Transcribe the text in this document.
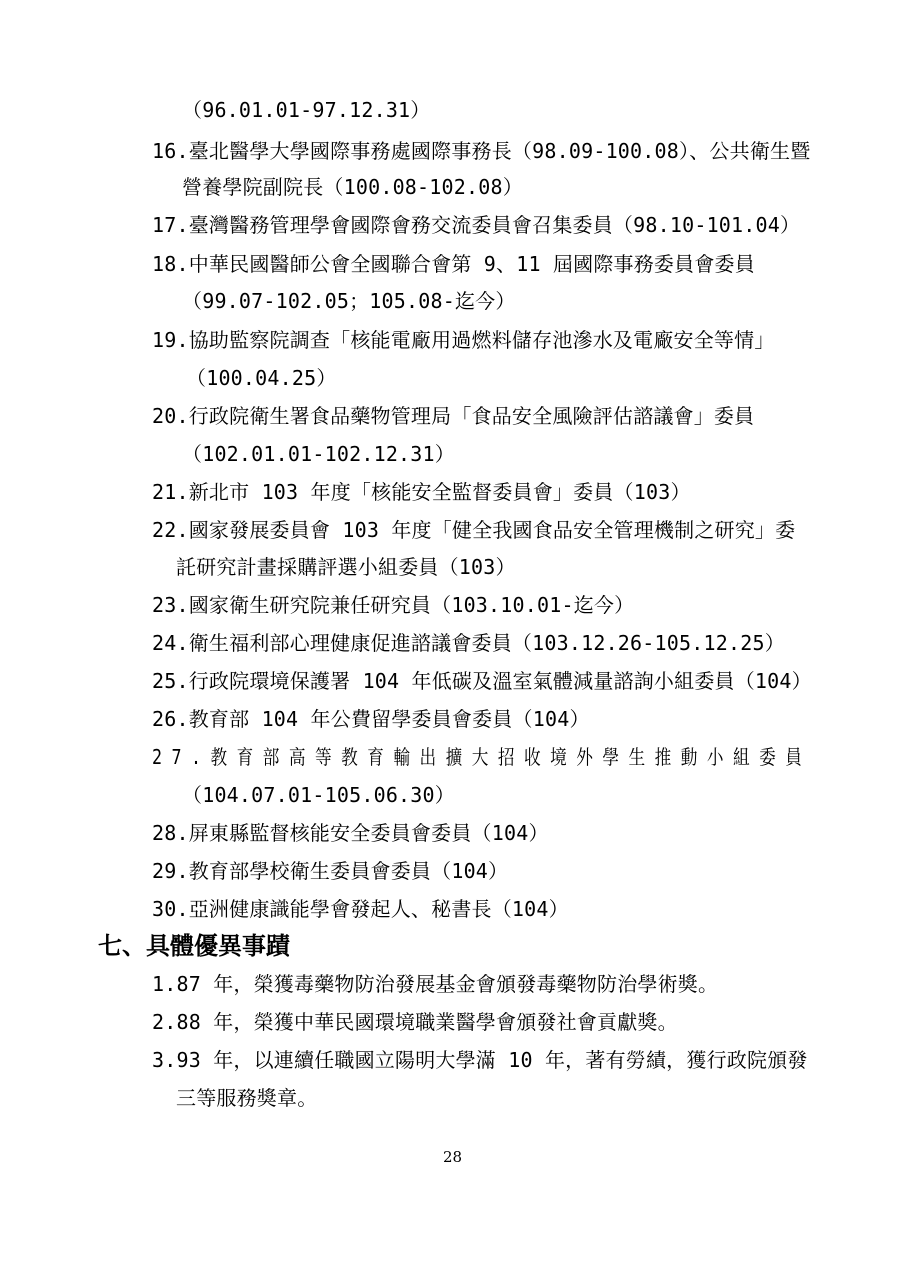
（96.01.01-97.12.31）
16.臺北醫學大學國際事務處國際事務長（98.09-100.08）、公共衛生暨
營養學院副院長（100.08-102.08）
17.臺灣醫務管理學會國際會務交流委員會召集委員（98.10-101.04）
18.中華民國醫師公會全國聯合會第 9、11 屆國際事務委員會委員
（99.07-102.05；105.08-迄今）
19.協助監察院調查「核能電廠用過燃料儲存池滲水及電廠安全等情」
（100.04.25）
20.行政院衛生署食品藥物管理局「食品安全風險評估諮議會」委員
（102.01.01-102.12.31）
21.新北市 103 年度「核能安全監督委員會」委員（103）
22.國家發展委員會 103 年度「健全我國食品安全管理機制之研究」委
託研究計畫採購評選小組委員（103）
23.國家衛生研究院兼任研究員（103.10.01-迄今）
24.衛生福利部心理健康促進諮議會委員（103.12.26-105.12.25）
25.行政院環境保護署 104 年低碳及溫室氣體減量諮詢小組委員（104）
26.教育部 104 年公費留學委員會委員（104）
27.教育部高等教育輸出擴大招收境外學生推動小組委員
（104.07.01-105.06.30）
28.屏東縣監督核能安全委員會委員（104）
29.教育部學校衛生委員會委員（104）
30.亞洲健康識能學會發起人、秘書長（104）
七、具體優異事蹟
1.87 年，榮獲毒藥物防治發展基金會頒發毒藥物防治學術獎。
2.88 年，榮獲中華民國環境職業醫學會頒發社會貢獻獎。
3.93 年，以連續任職國立陽明大學滿 10 年，著有勞績，獲行政院頒發
三等服務獎章。
28
